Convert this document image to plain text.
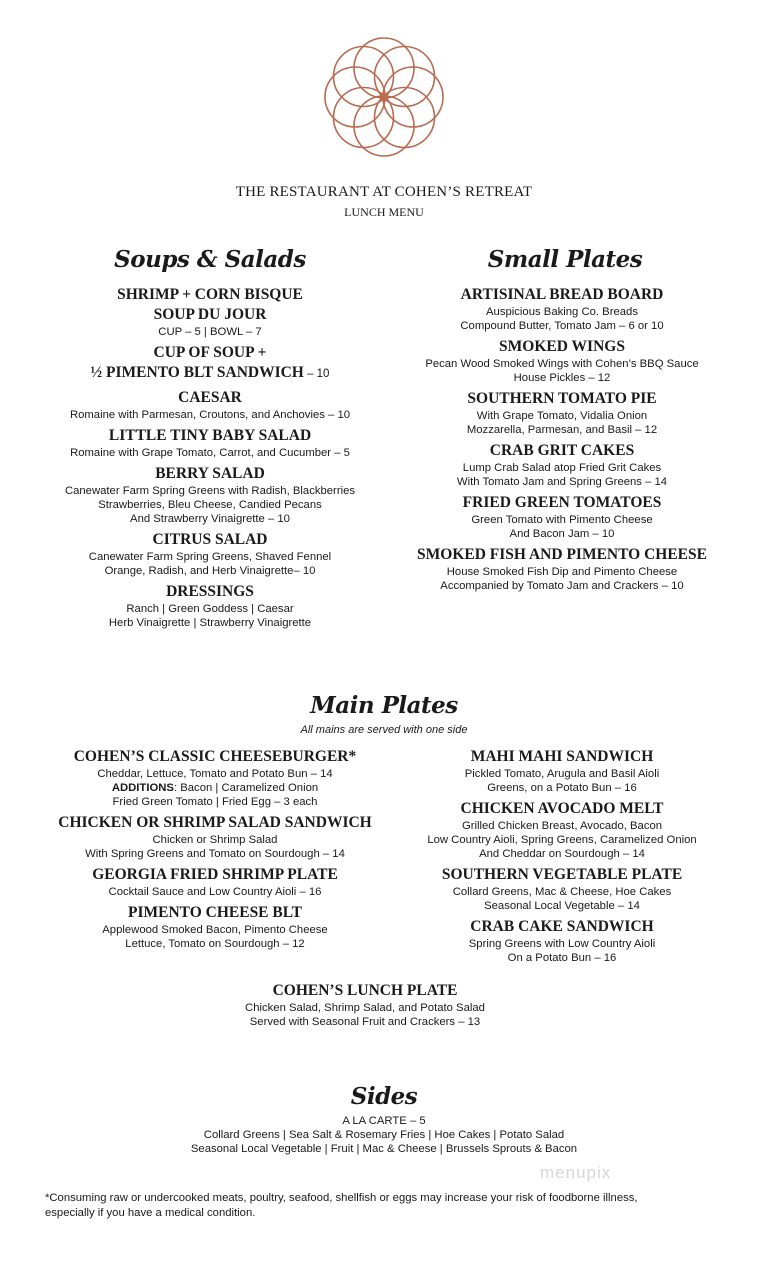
THE RESTAURANT AT COHEN’S RETREAT
LUNCH MENU
Soups & Salads
SHRIMP + CORN BISQUE
SOUP DU JOUR
CUP – 5 | BOWL – 7
CUP OF SOUP +
½ PIMENTO BLT SANDWICH – 10
CAESAR
Romaine with Parmesan, Croutons, and Anchovies – 10
LITTLE TINY BABY SALAD
Romaine with Grape Tomato, Carrot, and Cucumber – 5
BERRY SALAD
Canewater Farm Spring Greens with Radish, Blackberries
Strawberries, Bleu Cheese, Candied Pecans
And Strawberry Vinaigrette – 10
CITRUS SALAD
Canewater Farm Spring Greens, Shaved Fennel
Orange, Radish, and Herb Vinaigrette– 10
DRESSINGS
Ranch | Green Goddess | Caesar
Herb Vinaigrette | Strawberry Vinaigrette
Small Plates
ARTISINAL BREAD BOARD
Auspicious Baking Co. Breads
Compound Butter, Tomato Jam – 6 or 10
SMOKED WINGS
Pecan Wood Smoked Wings with Cohen’s BBQ Sauce
House Pickles – 12
SOUTHERN TOMATO PIE
With Grape Tomato, Vidalia Onion
Mozzarella, Parmesan, and Basil – 12
CRAB GRIT CAKES
Lump Crab Salad atop Fried Grit Cakes
With Tomato Jam and Spring Greens – 14
FRIED GREEN TOMATOES
Green Tomato with Pimento Cheese
And Bacon Jam – 10
SMOKED FISH AND PIMENTO CHEESE
House Smoked Fish Dip and Pimento Cheese
Accompanied by Tomato Jam and Crackers – 10
Main Plates
All mains are served with one side
COHEN’S CLASSIC CHEESEBURGER*
Cheddar, Lettuce, Tomato and Potato Bun – 14
ADDITIONS: Bacon | Caramelized Onion
Fried Green Tomato | Fried Egg – 3 each
CHICKEN OR SHRIMP SALAD SANDWICH
Chicken or Shrimp Salad
With Spring Greens and Tomato on Sourdough – 14
GEORGIA FRIED SHRIMP PLATE
Cocktail Sauce and Low Country Aioli – 16
PIMENTO CHEESE BLT
Applewood Smoked Bacon, Pimento Cheese
Lettuce, Tomato on Sourdough – 12
MAHI MAHI SANDWICH
Pickled Tomato, Arugula and Basil Aioli
Greens, on a Potato Bun – 16
CHICKEN AVOCADO MELT
Grilled Chicken Breast, Avocado, Bacon
Low Country Aioli, Spring Greens, Caramelized Onion
And Cheddar on Sourdough – 14
SOUTHERN VEGETABLE PLATE
Collard Greens, Mac & Cheese, Hoe Cakes
Seasonal Local Vegetable – 14
CRAB CAKE SANDWICH
Spring Greens with Low Country Aioli
On a Potato Bun – 16
COHEN’S LUNCH PLATE
Chicken Salad, Shrimp Salad, and Potato Salad
Served with Seasonal Fruit and Crackers – 13
Sides
A LA CARTE – 5
Collard Greens | Sea Salt & Rosemary Fries | Hoe Cakes | Potato Salad
Seasonal Local Vegetable | Fruit | Mac & Cheese | Brussels Sprouts & Bacon
menupix
*Consuming raw or undercooked meats, poultry, seafood, shellfish or eggs may increase your risk of foodborne illness,
especially if you have a medical condition.
